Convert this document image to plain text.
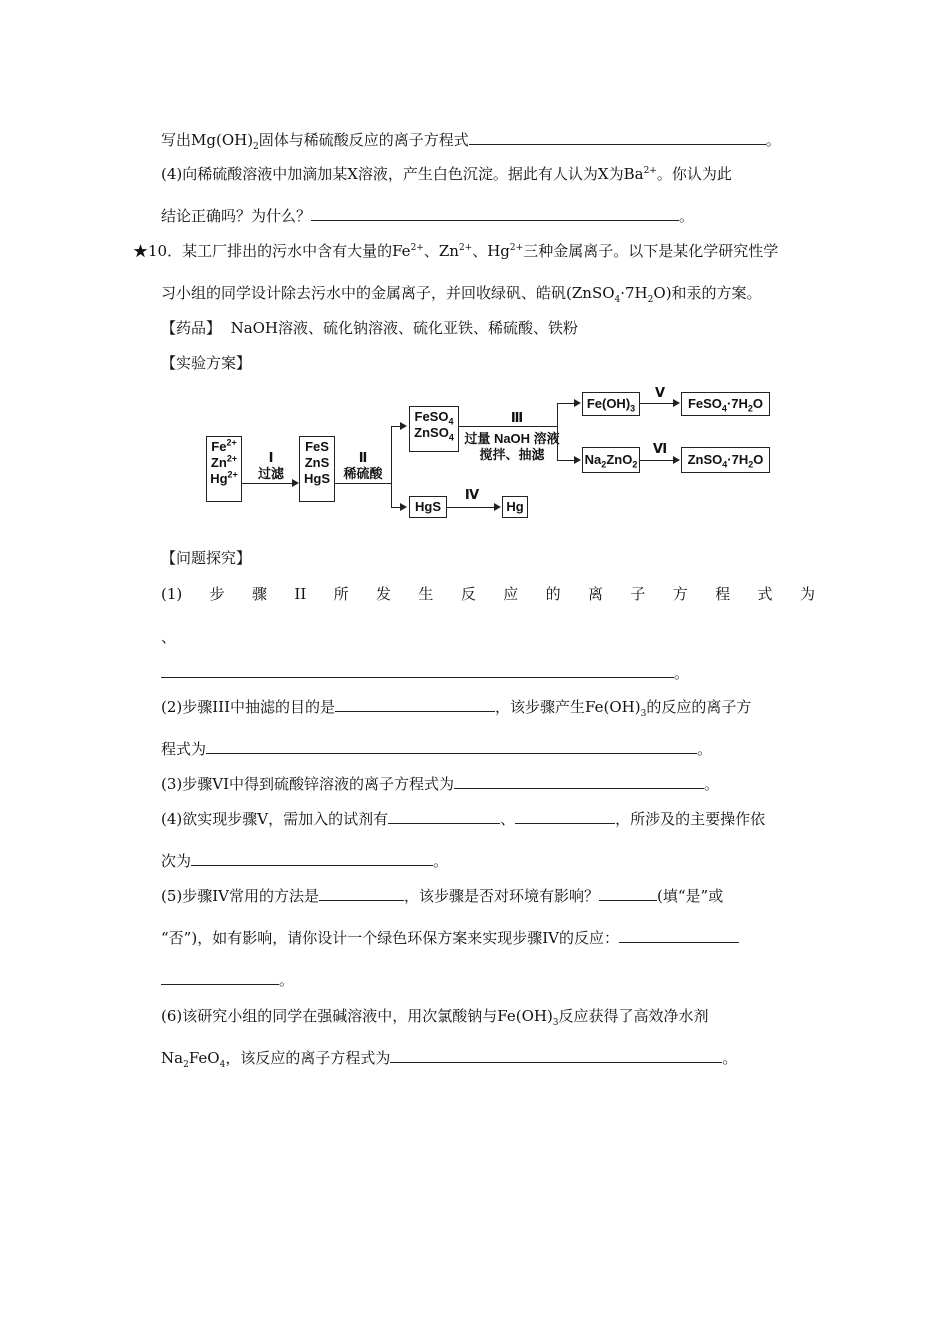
写出$Mg(OH)_2$固体与稀硫酸反应的离子方程式	。
(4)向稀硫酸溶液中加滴加某X溶液，产生白色沉淀。据此有人认为X为$Ba^{2+}$。你认为此
结论正确吗？为什么？	。
★10．某工厂排出的污水中含有大量的$Fe^{2+}$、$Zn^{2+}$、$Hg^{2+}$三种金属离子。以下是某化学研究性学
习小组的同学设计除去污水中的金属离子，并回收绿矾、皓矾$(ZnSO_4\cdot 7H_2O)$和汞的方案。
【药品】 NaOH溶液、硫化钠溶液、硫化亚铁、稀硫酸、铁粉
【实验方案】
$Fe^{2+}$
$Zn^{2+}$
$Hg^{2+}$
Ⅰ
过滤
FeS
ZnS
HgS
Ⅱ
稀硫酸
FeSO$_4$
ZnSO$_4$
Ⅲ
过量 NaOH 溶液
搅拌、抽滤
HgS
Ⅳ
Hg
$Fe(OH)_3$
Ⅴ
$FeSO_4\cdot 7H_2O$
$Na_2ZnO_2$
Ⅵ
$ZnSO_4\cdot 7H_2O$
【问题探究】
(1) 步 骤 II 所 发 生 反 应 的 离 子 方 程 式 为
、
。
(2)步骤III中抽滤的目的是	，该步骤产生$Fe(OH)_3$的反应的离子方
程式为	。
(3)步骤VI中得到硫酸锌溶液的离子方程式为	。
(4)欲实现步骤V，需加入的试剂有	、	，所涉及的主要操作依
次为	。
(5)步骤IV常用的方法是	，该步骤是否对环境有影响？	(填“是”或
“否”)，如有影响，请你设计一个绿色环保方案来实现步骤IV的反应：
。
(6)该研究小组的同学在强碱溶液中，用次氯酸钠与$Fe(OH)_3$反应获得了高效净水剂
$Na_2FeO_4$，该反应的离子方程式为	。
